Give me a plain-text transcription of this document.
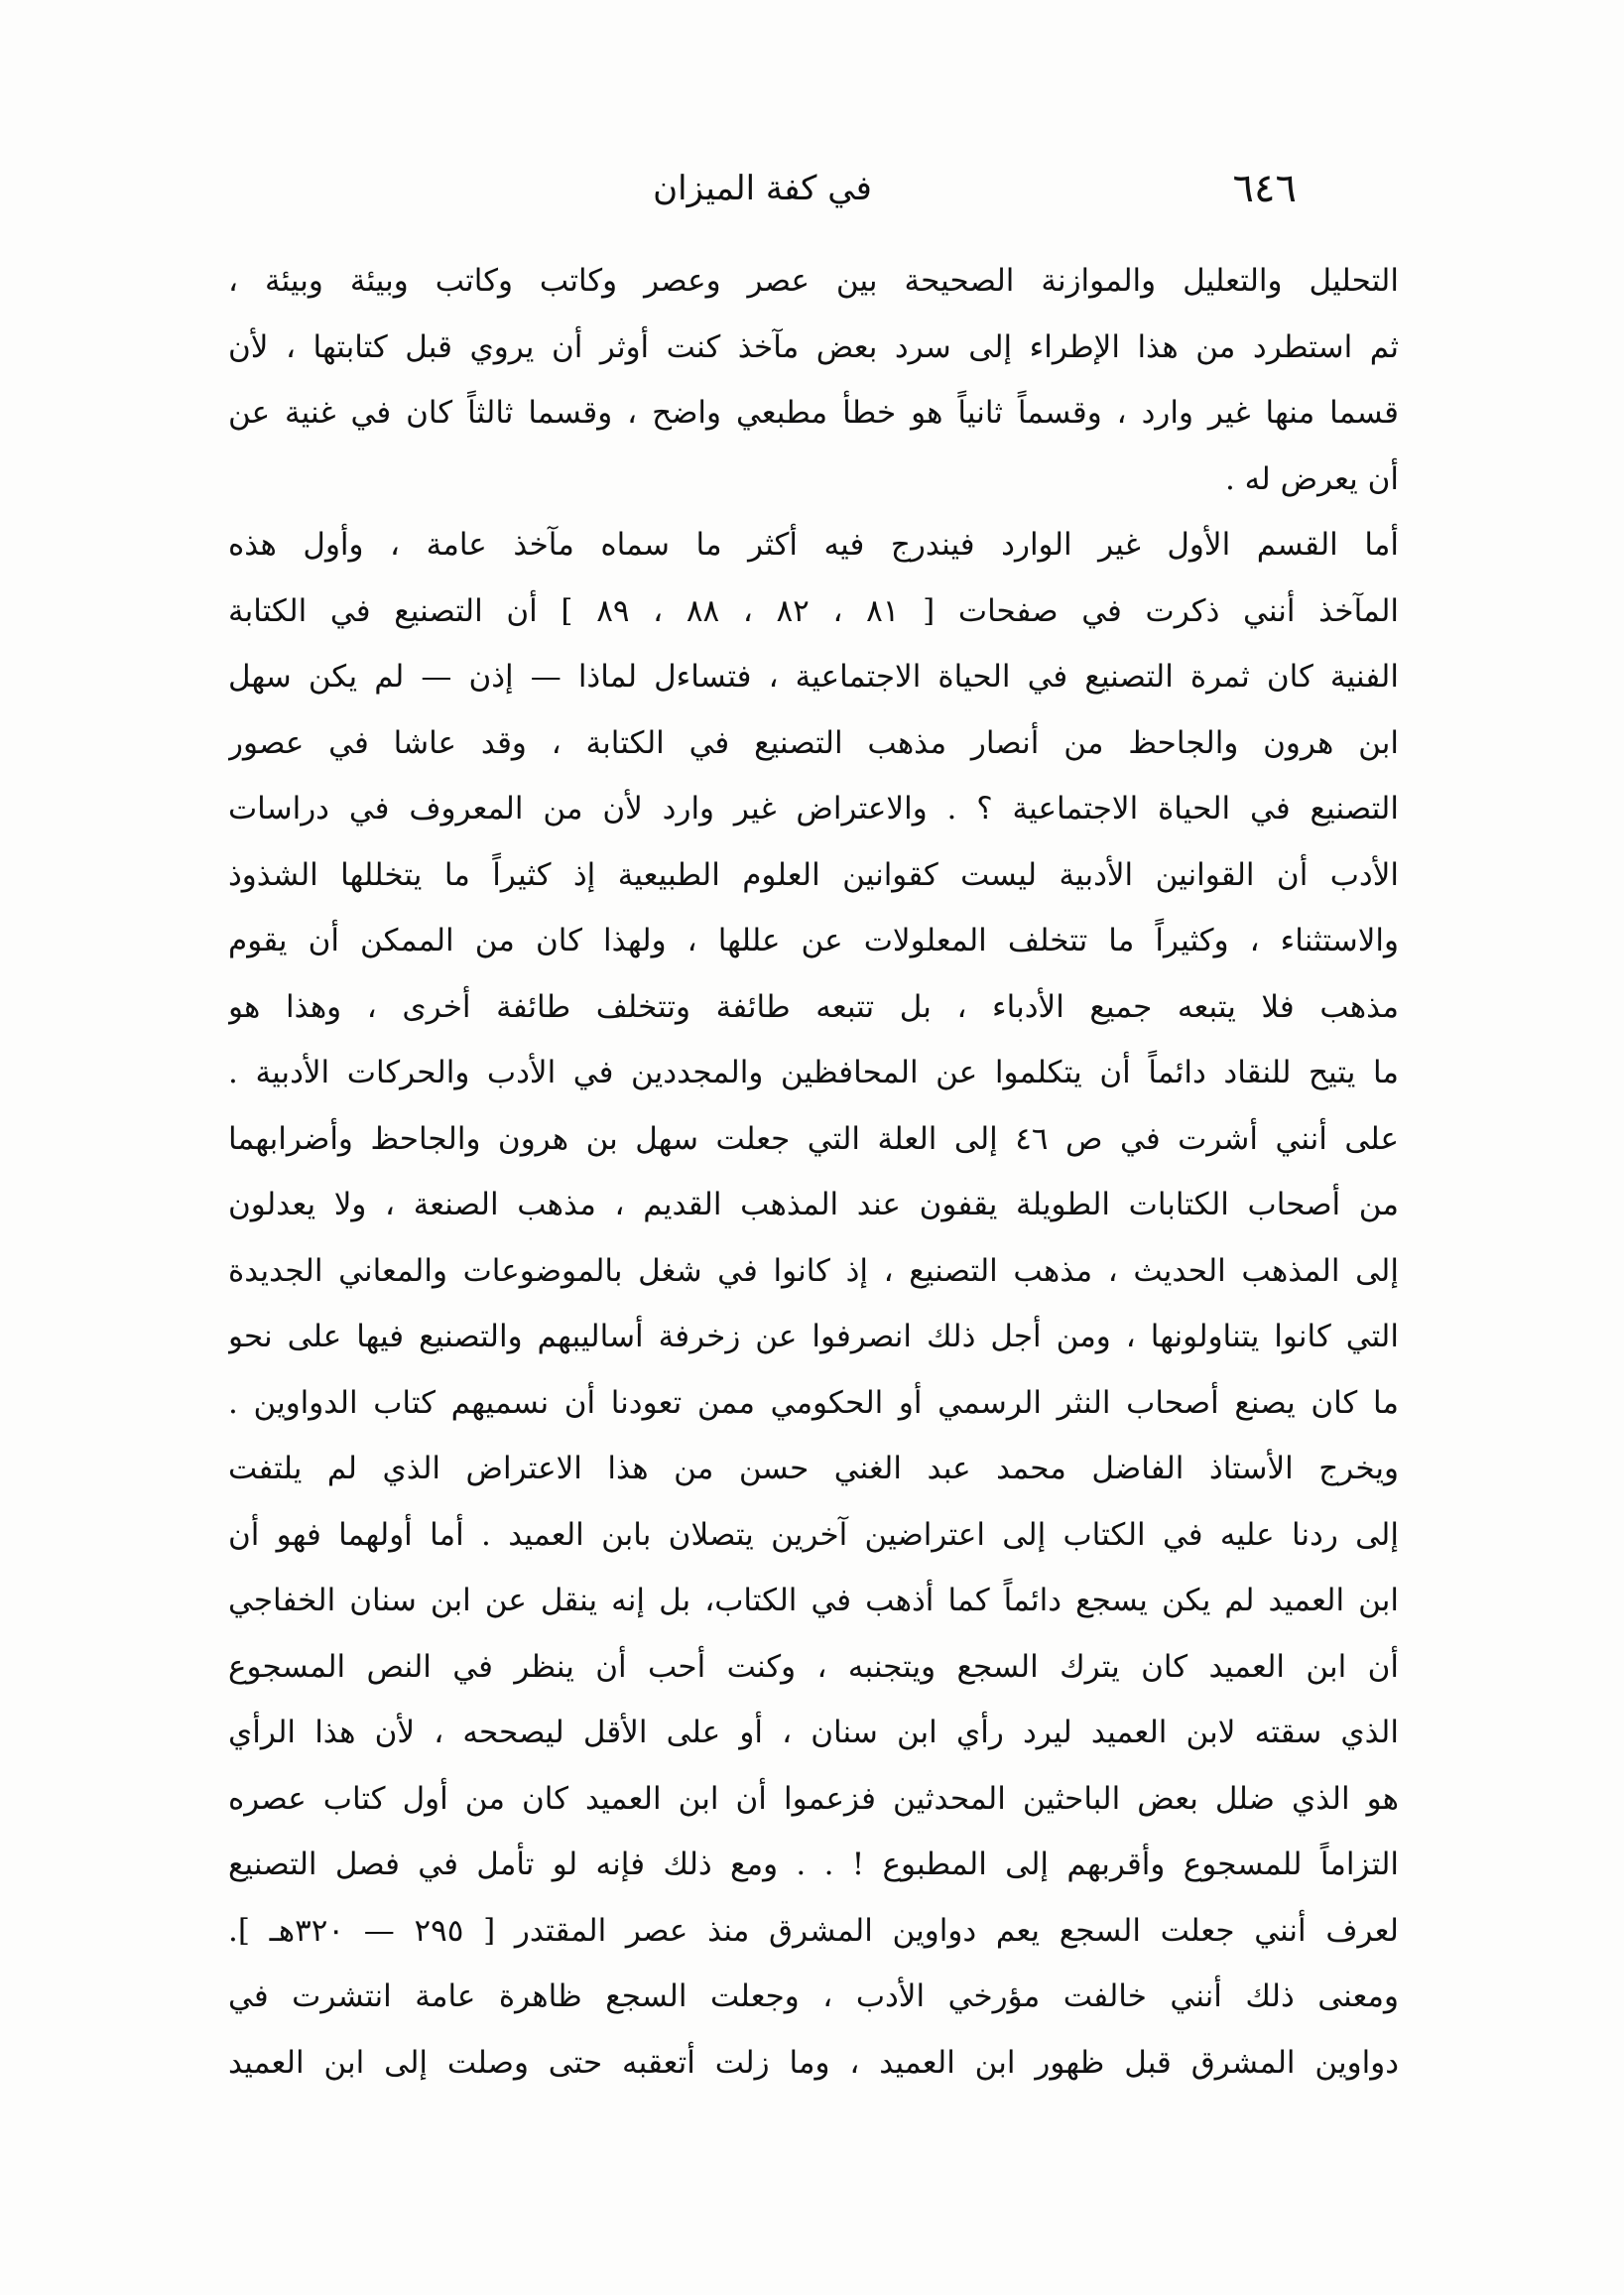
٦٤٦
في كفة الميزان
التحليل والتعليل والموازنة الصحيحة بين عصر وعصر وكاتب وكاتب وبيئة وبيئة ،
ثم استطرد من هذا الإطراء إلى سرد بعض مآخذ كنت أوثر أن يروي قبل كتابتها ، لأن
قسما منها غير وارد ، وقسماً ثانياً هو خطأ مطبعي واضح ، وقسما ثالثاً كان في غنية عن
أن يعرض له .
أما القسم الأول غير الوارد فيندرج فيه أكثر ما سماه مآخذ عامة ، وأول هذه
المآخذ أنني ذكرت في صفحات [ ٨١ ، ٨٢ ، ٨٨ ، ٨٩ ] أن التصنيع في الكتابة
الفنية كان ثمرة التصنيع في الحياة الاجتماعية ، فتساءل لماذا — إذن — لم يكن سهل
ابن هرون والجاحظ من أنصار مذهب التصنيع في الكتابة ، وقد عاشا في عصور
التصنيع في الحياة الاجتماعية ؟ . والاعتراض غير وارد لأن من المعروف في دراسات
الأدب أن القوانين الأدبية ليست كقوانين العلوم الطبيعية إذ كثيراً ما يتخللها الشذوذ
والاستثناء ، وكثيراً ما تتخلف المعلولات عن عللها ، ولهذا كان من الممكن أن يقوم
مذهب فلا يتبعه جميع الأدباء ، بل تتبعه طائفة وتتخلف طائفة أخرى ، وهذا هو
ما يتيح للنقاد دائماً أن يتكلموا عن المحافظين والمجددين في الأدب والحركات الأدبية .
على أنني أشرت في ص ٤٦ إلى العلة التي جعلت سهل بن هرون والجاحظ وأضرابهما
من أصحاب الكتابات الطويلة يقفون عند المذهب القديم ، مذهب الصنعة ، ولا يعدلون
إلى المذهب الحديث ، مذهب التصنيع ، إذ كانوا في شغل بالموضوعات والمعاني الجديدة
التي كانوا يتناولونها ، ومن أجل ذلك انصرفوا عن زخرفة أساليبهم والتصنيع فيها على نحو
ما كان يصنع أصحاب النثر الرسمي أو الحكومي ممن تعودنا أن نسميهم كتاب الدواوين .
ويخرج الأستاذ الفاضل محمد عبد الغني حسن من هذا الاعتراض الذي لم يلتفت
إلى ردنا عليه في الكتاب إلى اعتراضين آخرين يتصلان بابن العميد . أما أولهما فهو أن
ابن العميد لم يكن يسجع دائماً كما أذهب في الكتاب، بل إنه ينقل عن ابن سنان الخفاجي
أن ابن العميد كان يترك السجع ويتجنبه ، وكنت أحب أن ينظر في النص المسجوع
الذي سقته لابن العميد ليرد رأي ابن سنان ، أو على الأقل ليصححه ، لأن هذا الرأي
هو الذي ضلل بعض الباحثين المحدثين فزعموا أن ابن العميد كان من أول كتاب عصره
التزاماً للمسجوع وأقربهم إلى المطبوع ! . . ومع ذلك فإنه لو تأمل في فصل التصنيع
لعرف أنني جعلت السجع يعم دواوين المشرق منذ عصر المقتدر [ ٢٩٥ — ٣٢٠هـ ].
ومعنى ذلك أنني خالفت مؤرخي الأدب ، وجعلت السجع ظاهرة عامة انتشرت في
دواوين المشرق قبل ظهور ابن العميد ، وما زلت أتعقبه حتى وصلت إلى ابن العميد
